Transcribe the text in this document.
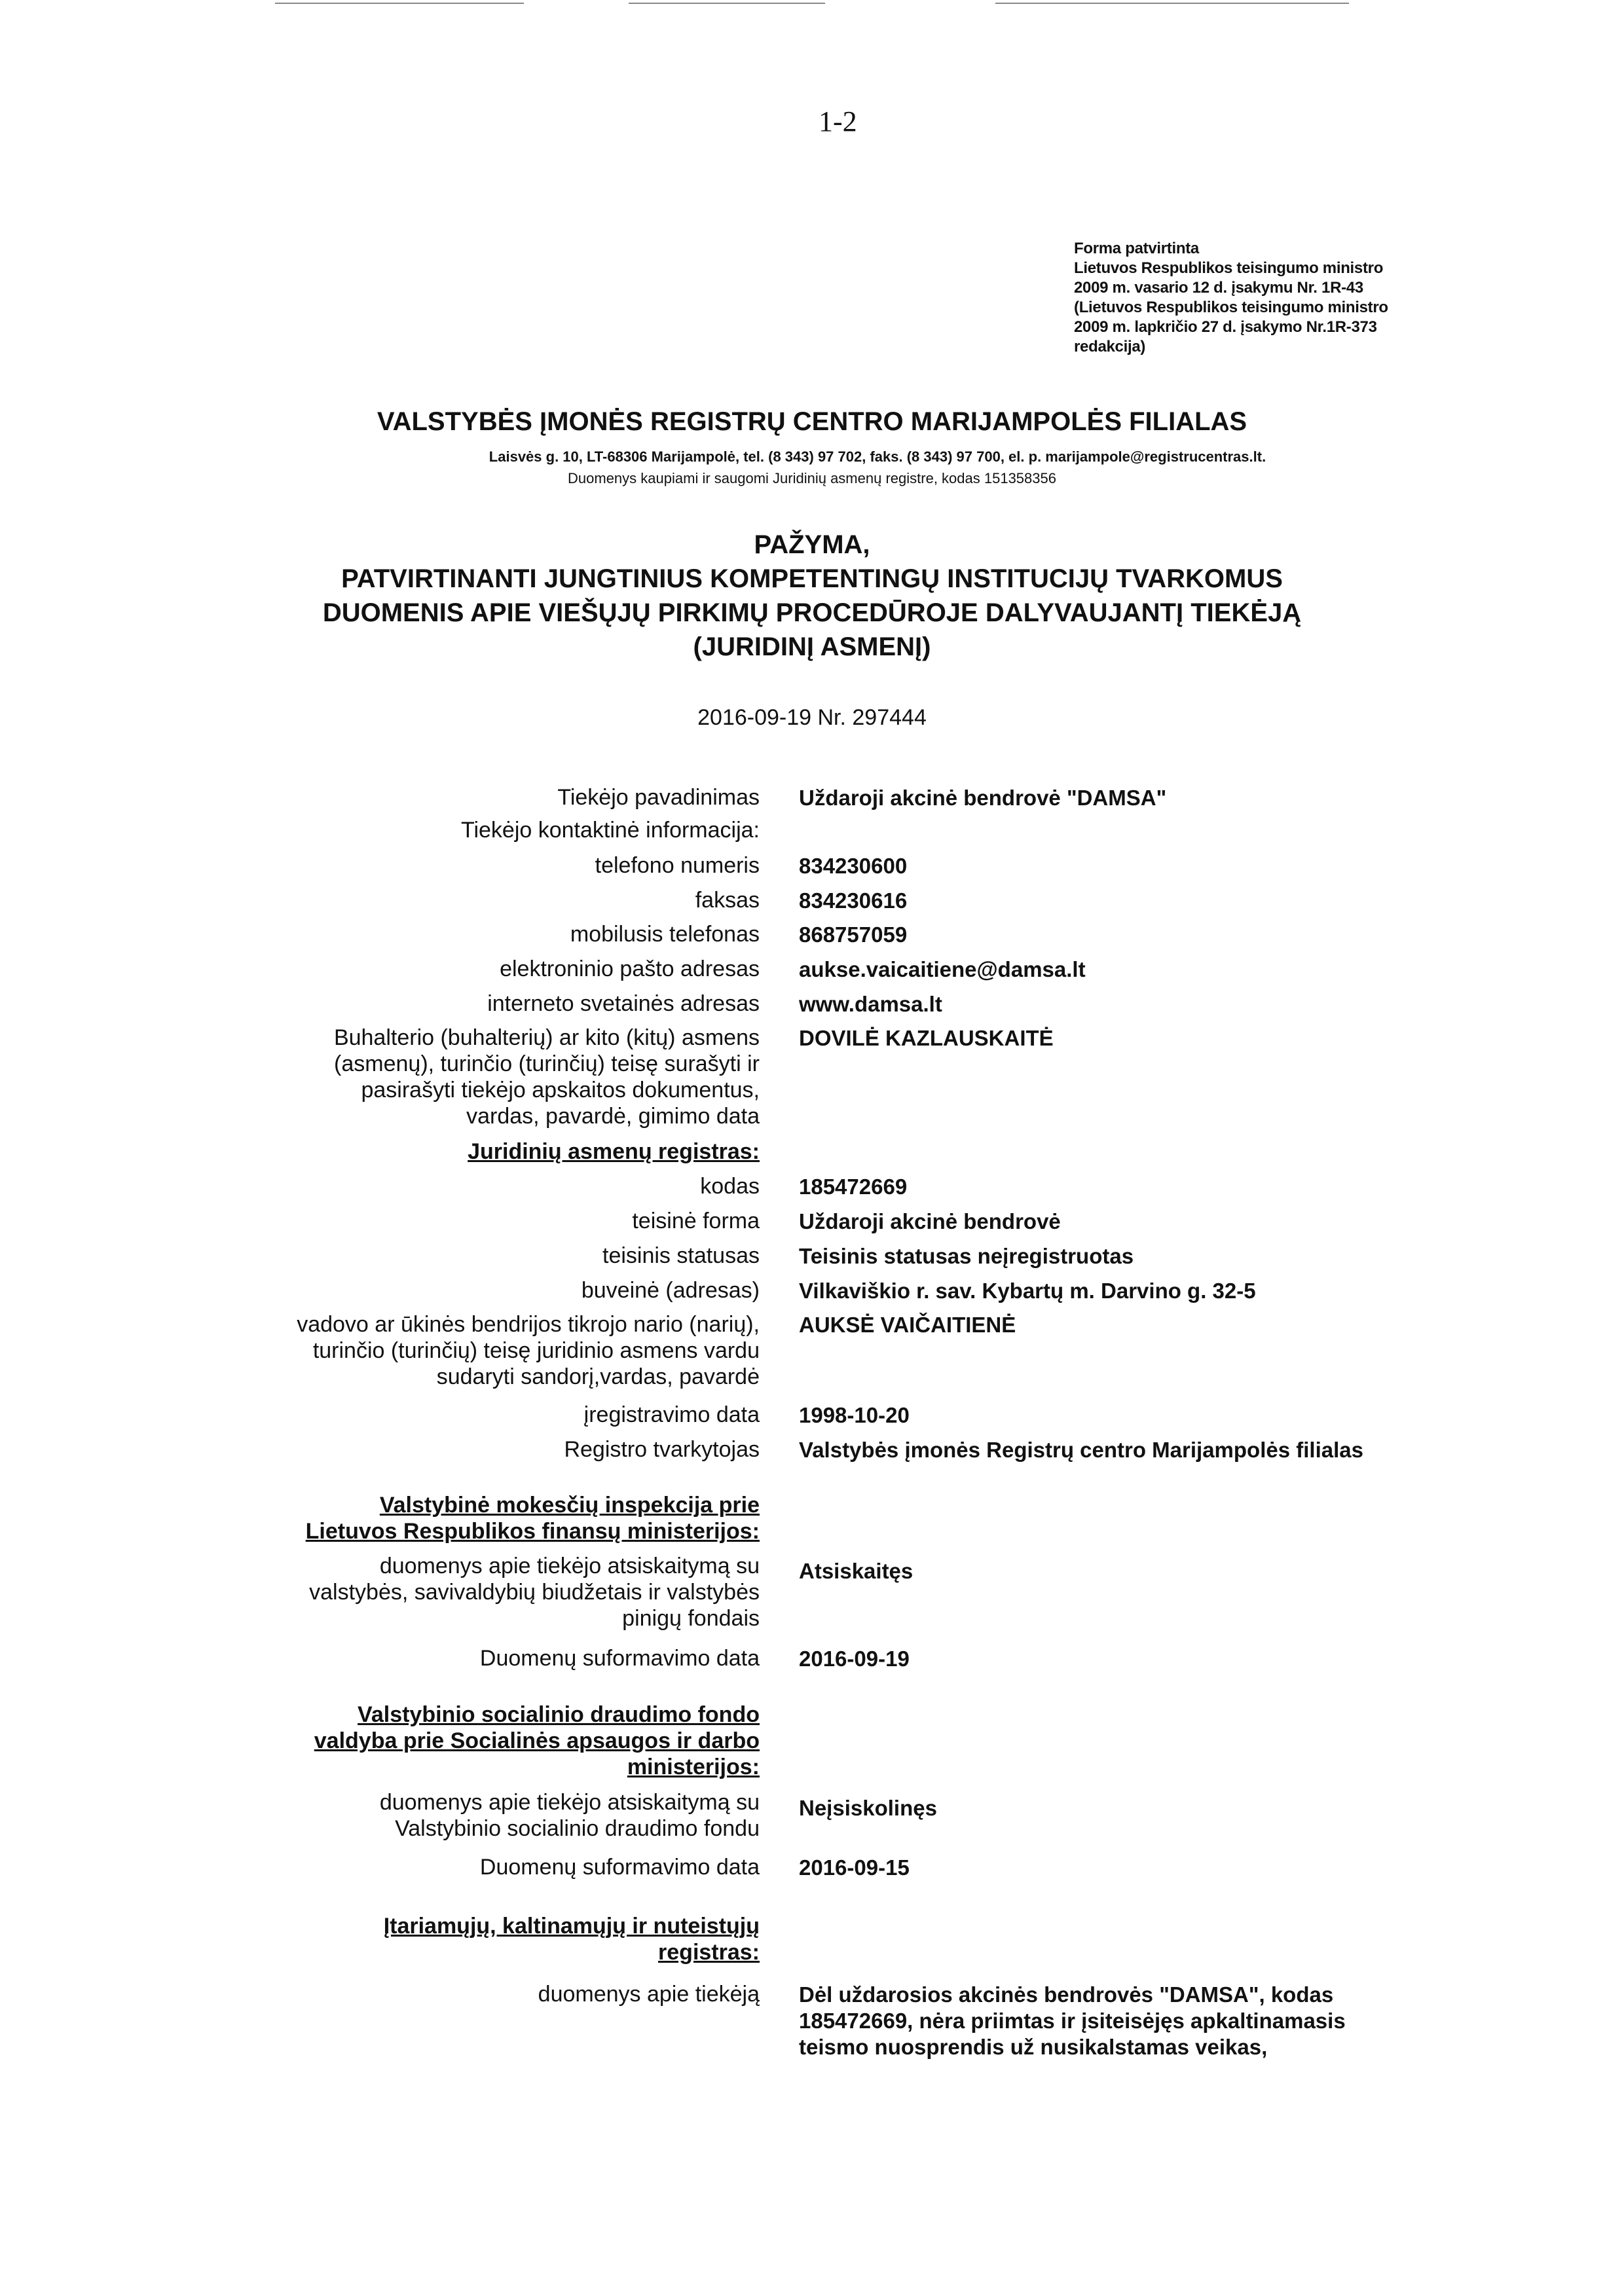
1-2
Forma patvirtinta
Lietuvos Respublikos teisingumo ministro
2009 m. vasario 12 d. įsakymu Nr. 1R-43
(Lietuvos Respublikos teisingumo ministro
2009 m. lapkričio 27 d. įsakymo Nr.1R-373
redakcija)
VALSTYBĖS ĮMONĖS REGISTRŲ CENTRO MARIJAMPOLĖS FILIALAS
Laisvės g. 10, LT-68306 Marijampolė, tel. (8 343) 97 702, faks. (8 343) 97 700, el. p. marijampole@registrucentras.lt.
Duomenys kaupiami ir saugomi Juridinių asmenų registre, kodas 151358356
PAŽYMA,
PATVIRTINANTI JUNGTINIUS KOMPETENTINGŲ INSTITUCIJŲ TVARKOMUS
DUOMENIS APIE VIEŠŲJŲ PIRKIMŲ PROCEDŪROJE DALYVAUJANTĮ TIEKĖJĄ
(JURIDINĮ ASMENĮ)
2016-09-19 Nr. 297444
Tiekėjo pavadinimas Uždaroji akcinė bendrovė "DAMSA"
Tiekėjo kontaktinė informacija:
telefono numeris 834230600
faksas 834230616
mobilusis telefonas 868757059
elektroninio pašto adresas aukse.vaicaitiene@damsa.lt
interneto svetainės adresas www.damsa.lt
Buhalterio (buhalterių) ar kito (kitų) asmens
(asmenų), turinčio (turinčių) teisę surašyti ir
pasirašyti tiekėjo apskaitos dokumentus,
vardas, pavardė, gimimo data
DOVILĖ KAZLAUSKAITĖ
Juridinių asmenų registras:
kodas 185472669
teisinė forma Uždaroji akcinė bendrovė
teisinis statusas Teisinis statusas neįregistruotas
buveinė (adresas) Vilkaviškio r. sav. Kybartų m. Darvino g. 32-5
vadovo ar ūkinės bendrijos tikrojo nario (narių),
turinčio (turinčių) teisę juridinio asmens vardu
sudaryti sandorį,vardas, pavardė
AUKSĖ VAIČAITIENĖ
įregistravimo data 1998-10-20
Registro tvarkytojas Valstybės įmonės Registrų centro Marijampolės filialas
Valstybinė mokesčių inspekcija prie
Lietuvos Respublikos finansų ministerijos:
duomenys apie tiekėjo atsiskaitymą su
valstybės, savivaldybių biudžetais ir valstybės
pinigų fondais
Atsiskaitęs
Duomenų suformavimo data 2016-09-19
Valstybinio socialinio draudimo fondo
valdyba prie Socialinės apsaugos ir darbo
ministerijos:
duomenys apie tiekėjo atsiskaitymą su
Valstybinio socialinio draudimo fondu
Neįsiskolinęs
Duomenų suformavimo data 2016-09-15
Įtariamųjų, kaltinamųjų ir nuteistųjų
registras:
duomenys apie tiekėją Dėl uždarosios akcinės bendrovės "DAMSA", kodas
185472669, nėra priimtas ir įsiteisėjęs apkaltinamasis
teismo nuosprendis už nusikalstamas veikas,
